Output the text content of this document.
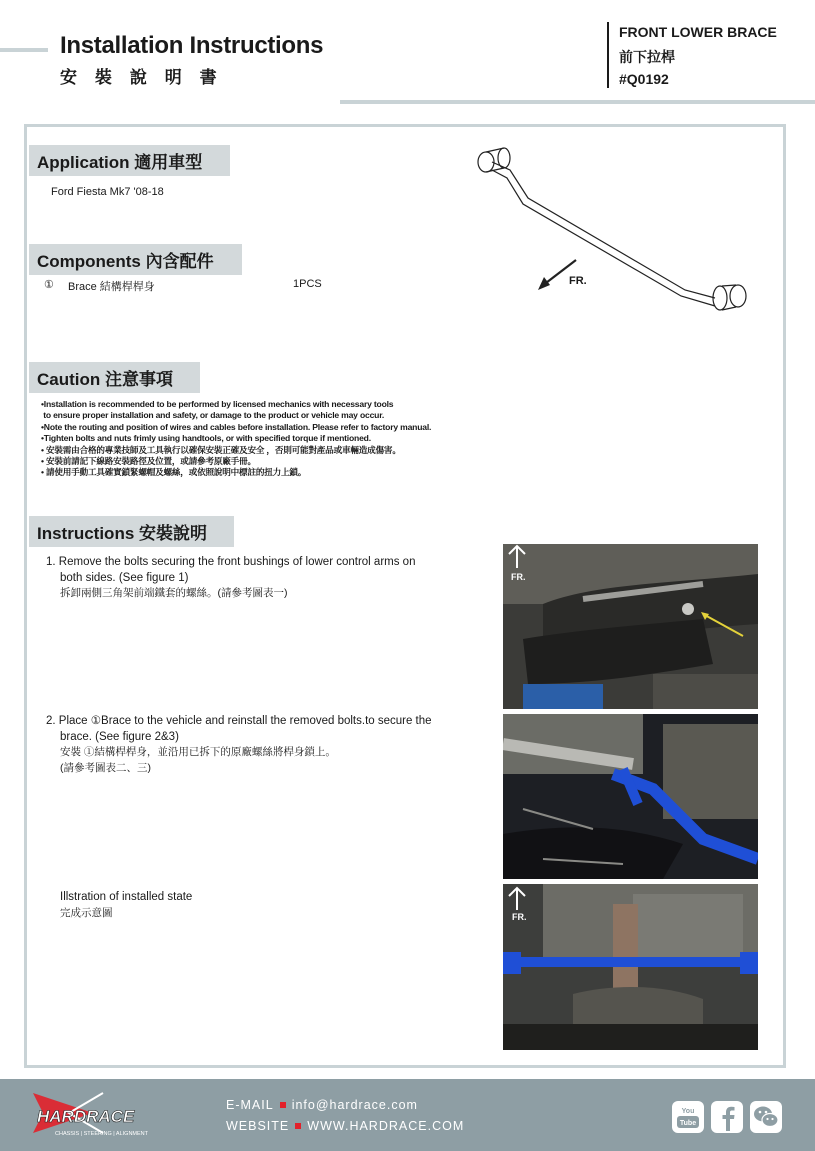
Installation Instructions
安 裝 說 明 書
FRONT LOWER BRACE
前下拉桿
#Q0192
Application 適用車型
Ford Fiesta Mk7 '08-18
Components 內含配件
① Brace 結構桿桿身	1PCS	FR.
Caution 注意事項
•Installation is recommended to be performed by licensed mechanics with necessary tools
to ensure proper installation and safety, or damage to the product or vehicle may occur.
•Note the routing and position of wires and cables before installation. Please refer to factory manual.
•Tighten bolts and nuts frimly using handtools, or with specified torque if mentioned.
• 安裝需由合格的專業技師及工具執行以確保安裝正確及安全 ，否則可能對產品或車輛造成傷害。
• 安裝前請記下線路安裝路徑及位置，或請參考原廠手冊。
• 請使用手動工具確實鎖緊螺帽及螺絲，或依照說明中標註的扭力上鎖。
Instructions 安裝說明
1. Remove the bolts securing the front bushings of lower control arms on
both sides. (See figure 1)
拆卸兩側三角架前端鐵套的螺絲。(請參考圖表一)
2. Place ①Brace to the vehicle and reinstall the removed bolts.to secure the
brace. (See figure 2&3)
安裝 ①結構桿桿身，並沿用已拆下的原廠螺絲將桿身鎖上。
(請參考圖表二、三)
Illstration of installed state
完成示意圖
FR.
FR.
HARDRACE
CHASSIS | STEERING | ALIGNMENT
E-MAIL info@hardrace.com
WEBSITE WWW.HARDRACE.COM
You
Tube
